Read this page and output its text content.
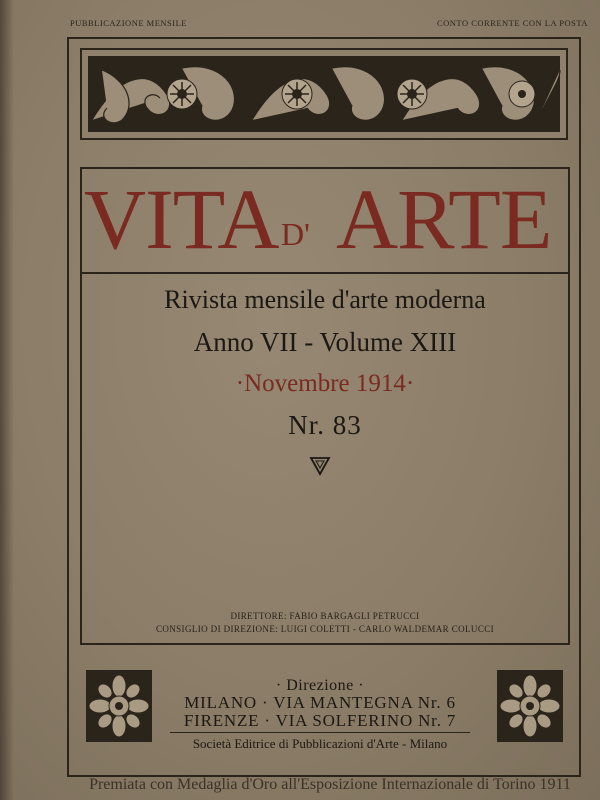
PUBBLICAZIONE MENSILE	CONTO CORRENTE CON LA POSTA
VITA D' ARTE
Rivista mensile d'arte moderna
Anno VII - Volume XIII
·Novembre 1914·
Nr. 83
DIRETTORE: FABIO BARGAGLI PETRUCCI
CONSIGLIO DI DIREZIONE: LUIGI COLETTI - CARLO WALDEMAR COLUCCI
· Direzione ·
MILANO · VIA MANTEGNA Nr. 6
FIRENZE · VIA SOLFERINO Nr. 7
Società Editrice di Pubblicazioni d'Arte - Milano
Premiata con Medaglia d'Oro all'Esposizione Internazionale di Torino 1911
